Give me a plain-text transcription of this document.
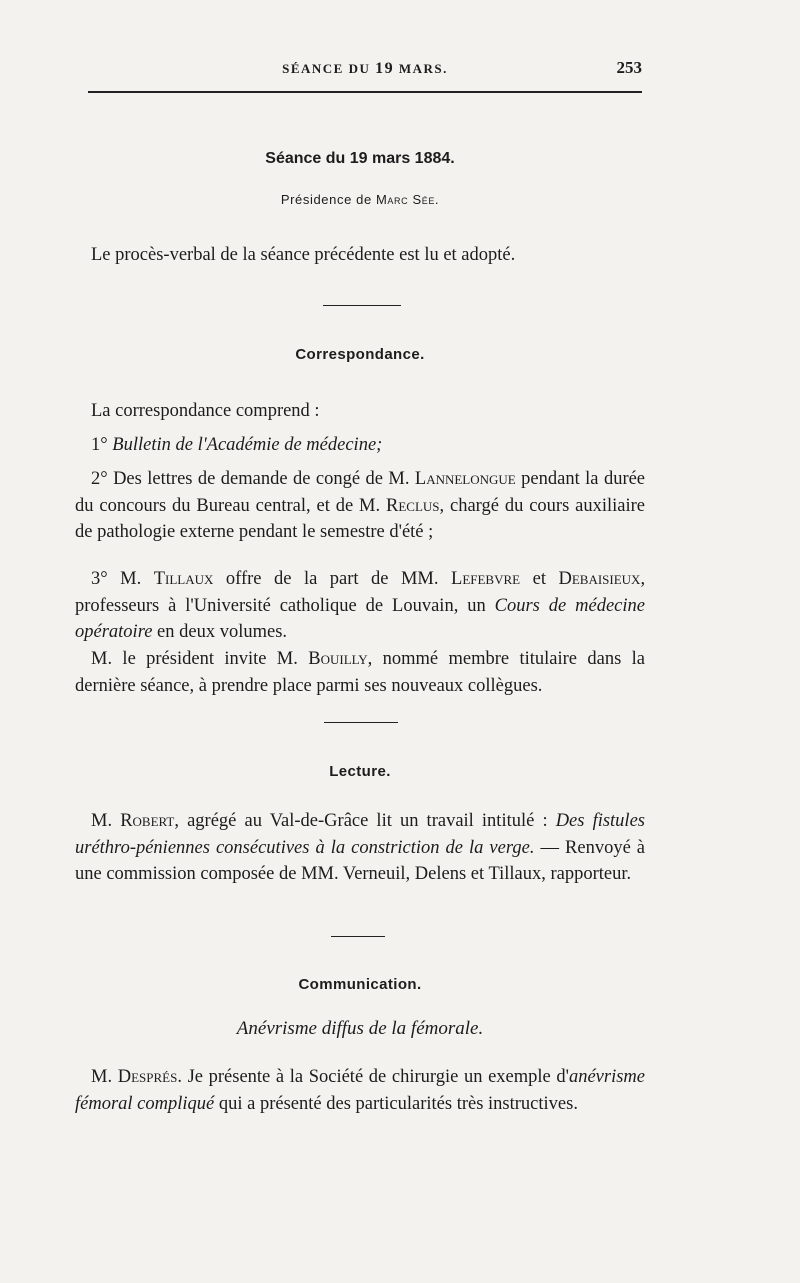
SÉANCE DU 19 MARS.	253
Séance du 19 mars 1884.
Présidence de Marc Sée.

Le procès-verbal de la séance précédente est lu et adopté.

Correspondance.

La correspondance comprend :

1° Bulletin de l'Académie de médecine;

2° Des lettres de demande de congé de M. Lannelongue pendant la durée du concours du Bureau central, et de M. Reclus, chargé du cours auxiliaire de pathologie externe pendant le semestre d'été ;

3° M. Tillaux offre de la part de MM. Lefebvre et Debaisieux, professeurs à l'Université catholique de Louvain, un Cours de médecine opératoire en deux volumes.

M. le président invite M. Bouilly, nommé membre titulaire dans la dernière séance, à prendre place parmi ses nouveaux collègues.

Lecture.

M. Robert, agrégé au Val-de-Grâce lit un travail intitulé : Des fistules uréthro-péniennes consécutives à la constriction de la verge. — Renvoyé à une commission composée de MM. Verneuil, Delens et Tillaux, rapporteur.

Communication.
Anévrisme diffus de la fémorale.

M. Després. Je présente à la Société de chirurgie un exemple d'anévrisme fémoral compliqué qui a présenté des particularités très instructives.
